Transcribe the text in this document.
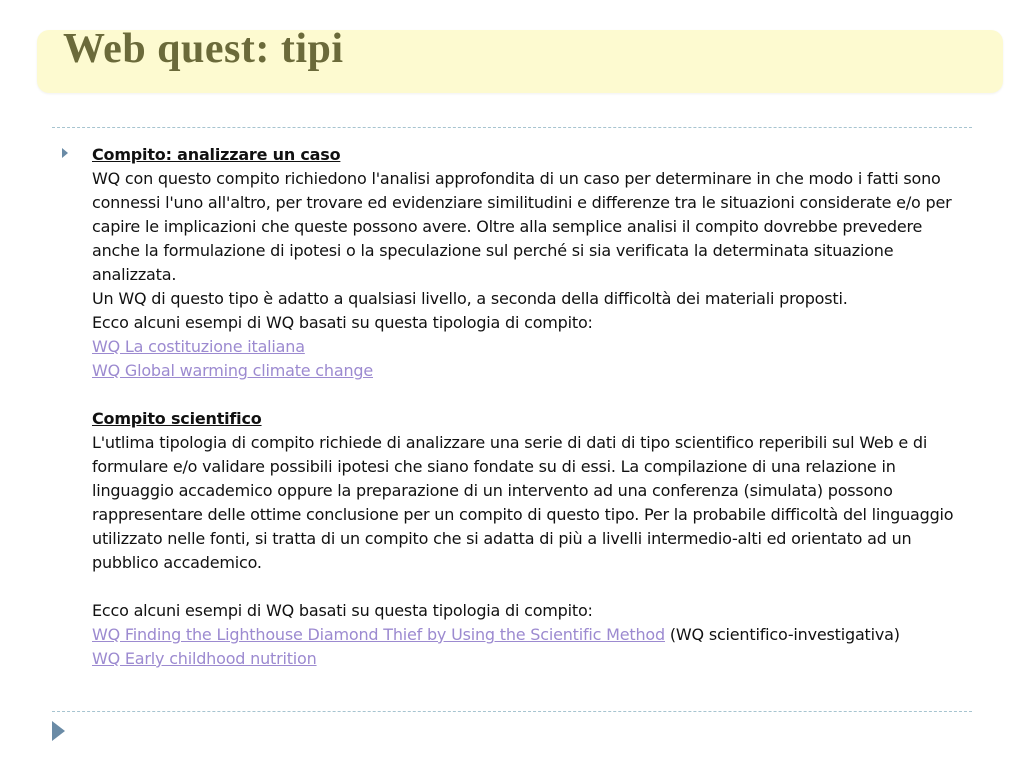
Web quest: tipi

Compito: analizzare un caso

WQ con questo compito richiedono l'analisi approfondita di un caso per determinare in che modo i fatti sono connessi l'uno all'altro, per trovare ed evidenziare similitudini e differenze tra le situazioni considerate e/o per capire le implicazioni che queste possono avere. Oltre alla semplice analisi il compito dovrebbe prevedere anche la formulazione di ipotesi o la speculazione sul perché si sia verificata la determinata situazione analizzata.

Un WQ di questo tipo è adatto a qualsiasi livello, a seconda della difficoltà dei materiali proposti.

Ecco alcuni esempi di WQ basati su questa tipologia di compito:

WQ La costituzione italiana

WQ Global warming climate change

Compito scientifico

L'utlima tipologia di compito richiede di analizzare una serie di dati di tipo scientifico reperibili sul Web e di formulare e/o validare possibili ipotesi che siano fondate su di essi. La compilazione di una relazione in linguaggio accademico oppure la preparazione di un intervento ad una conferenza (simulata) possono rappresentare delle ottime conclusione per un compito di questo tipo. Per la probabile difficoltà del linguaggio utilizzato nelle fonti, si tratta di un compito che si adatta di più a livelli intermedio-alti ed orientato ad un pubblico accademico.

Ecco alcuni esempi di WQ basati su questa tipologia di compito:

WQ Finding the Lighthouse Diamond Thief by Using the Scientific Method (WQ scientifico-investigativa)

WQ Early childhood nutrition
